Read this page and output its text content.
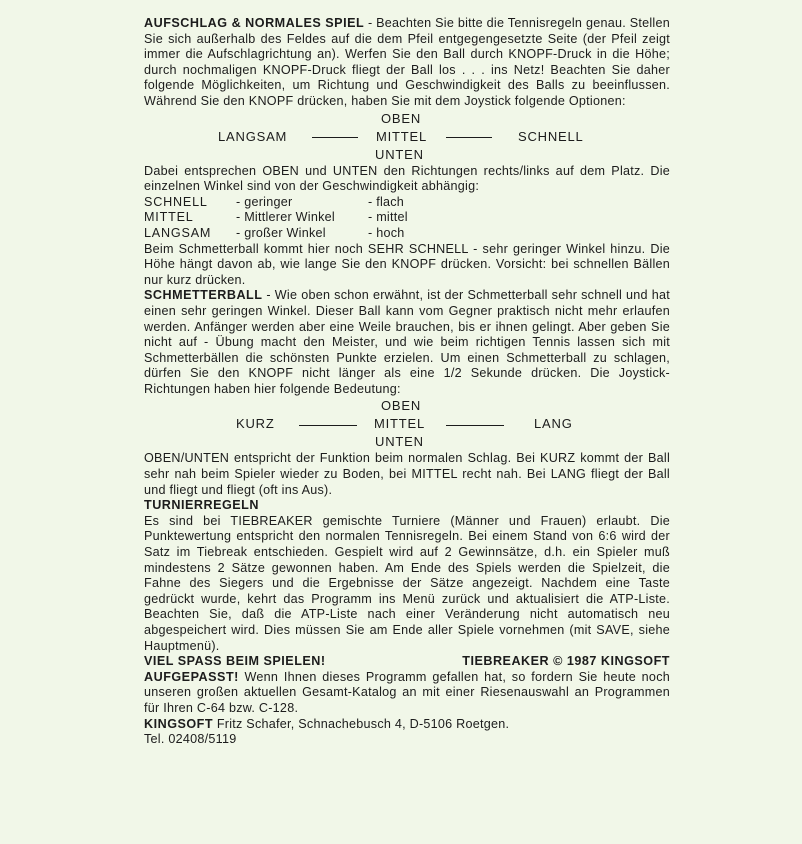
AUFSCHLAG & NORMALES SPIEL - Beachten Sie bitte die Tennisregeln genau. Stellen Sie sich außerhalb des Feldes auf die dem Pfeil entgegengesetzte Seite (der Pfeil zeigt immer die Aufschlagrichtung an). Werfen Sie den Ball durch KNOPF-Druck in die Höhe; durch nochmaligen KNOPF-Druck fliegt der Ball los . . . ins Netz! Beachten Sie daher folgende Möglichkeiten, um Richtung und Geschwindigkeit des Balls zu beeinflussen. Während Sie den KNOPF drücken, haben Sie mit dem Joystick folgende Optionen:

OBEN
LANGSAM	MITTEL	SCHNELL
UNTEN

Dabei entsprechen OBEN und UNTEN den Richtungen rechts/links auf dem Platz. Die einzelnen Winkel sind von der Geschwindigkeit abhängig:

SCHNELL	- geringer	- flach
MITTEL	- Mittlerer Winkel	- mittel
LANGSAM	- großer Winkel	- hoch

Beim Schmetterball kommt hier noch SEHR SCHNELL - sehr geringer Winkel hinzu. Die Höhe hängt davon ab, wie lange Sie den KNOPF drücken. Vorsicht: bei schnellen Bällen nur kurz drücken.

SCHMETTERBALL - Wie oben schon erwähnt, ist der Schmetterball sehr schnell und hat einen sehr geringen Winkel. Dieser Ball kann vom Gegner praktisch nicht mehr erlaufen werden. Anfänger werden aber eine Weile brauchen, bis er ihnen gelingt. Aber geben Sie nicht auf - Übung macht den Meister, und wie beim richtigen Tennis lassen sich mit Schmetterbällen die schönsten Punkte erzielen. Um einen Schmetterball zu schlagen, dürfen Sie den KNOPF nicht länger als eine 1/2 Sekunde drücken. Die Joystick-Richtungen haben hier folgende Bedeutung:

OBEN
KURZ	MITTEL	LANG
UNTEN

OBEN/UNTEN entspricht der Funktion beim normalen Schlag. Bei KURZ kommt der Ball sehr nah beim Spieler wieder zu Boden, bei MITTEL recht nah. Bei LANG fliegt der Ball und fliegt und fliegt (oft ins Aus).

TURNIERREGELN

Es sind bei TIEBREAKER gemischte Turniere (Männer und Frauen) erlaubt. Die Punktewertung entspricht den normalen Tennisregeln. Bei einem Stand von 6:6 wird der Satz im Tiebreak entschieden. Gespielt wird auf 2 Gewinnsätze, d.h. ein Spieler muß mindestens 2 Sätze gewonnen haben. Am Ende des Spiels werden die Spielzeit, die Fahne des Siegers und die Ergebnisse der Sätze angezeigt. Nachdem eine Taste gedrückt wurde, kehrt das Programm ins Menü zurück und aktualisiert die ATP-Liste. Beachten Sie, daß die ATP-Liste nach einer Veränderung nicht automatisch neu abgespeichert wird. Dies müssen Sie am Ende aller Spiele vornehmen (mit SAVE, siehe Hauptmenü).

VIEL SPASS BEIM SPIELEN!	TIEBREAKER © 1987 KINGSOFT

AUFGEPASST! Wenn Ihnen dieses Programm gefallen hat, so fordern Sie heute noch unseren großen aktuellen Gesamt-Katalog an mit einer Riesenauswahl an Programmen für Ihren C-64 bzw. C-128.

KINGSOFT Fritz Schafer, Schnachebusch 4, D-5106 Roetgen.
Tel. 02408/5119
